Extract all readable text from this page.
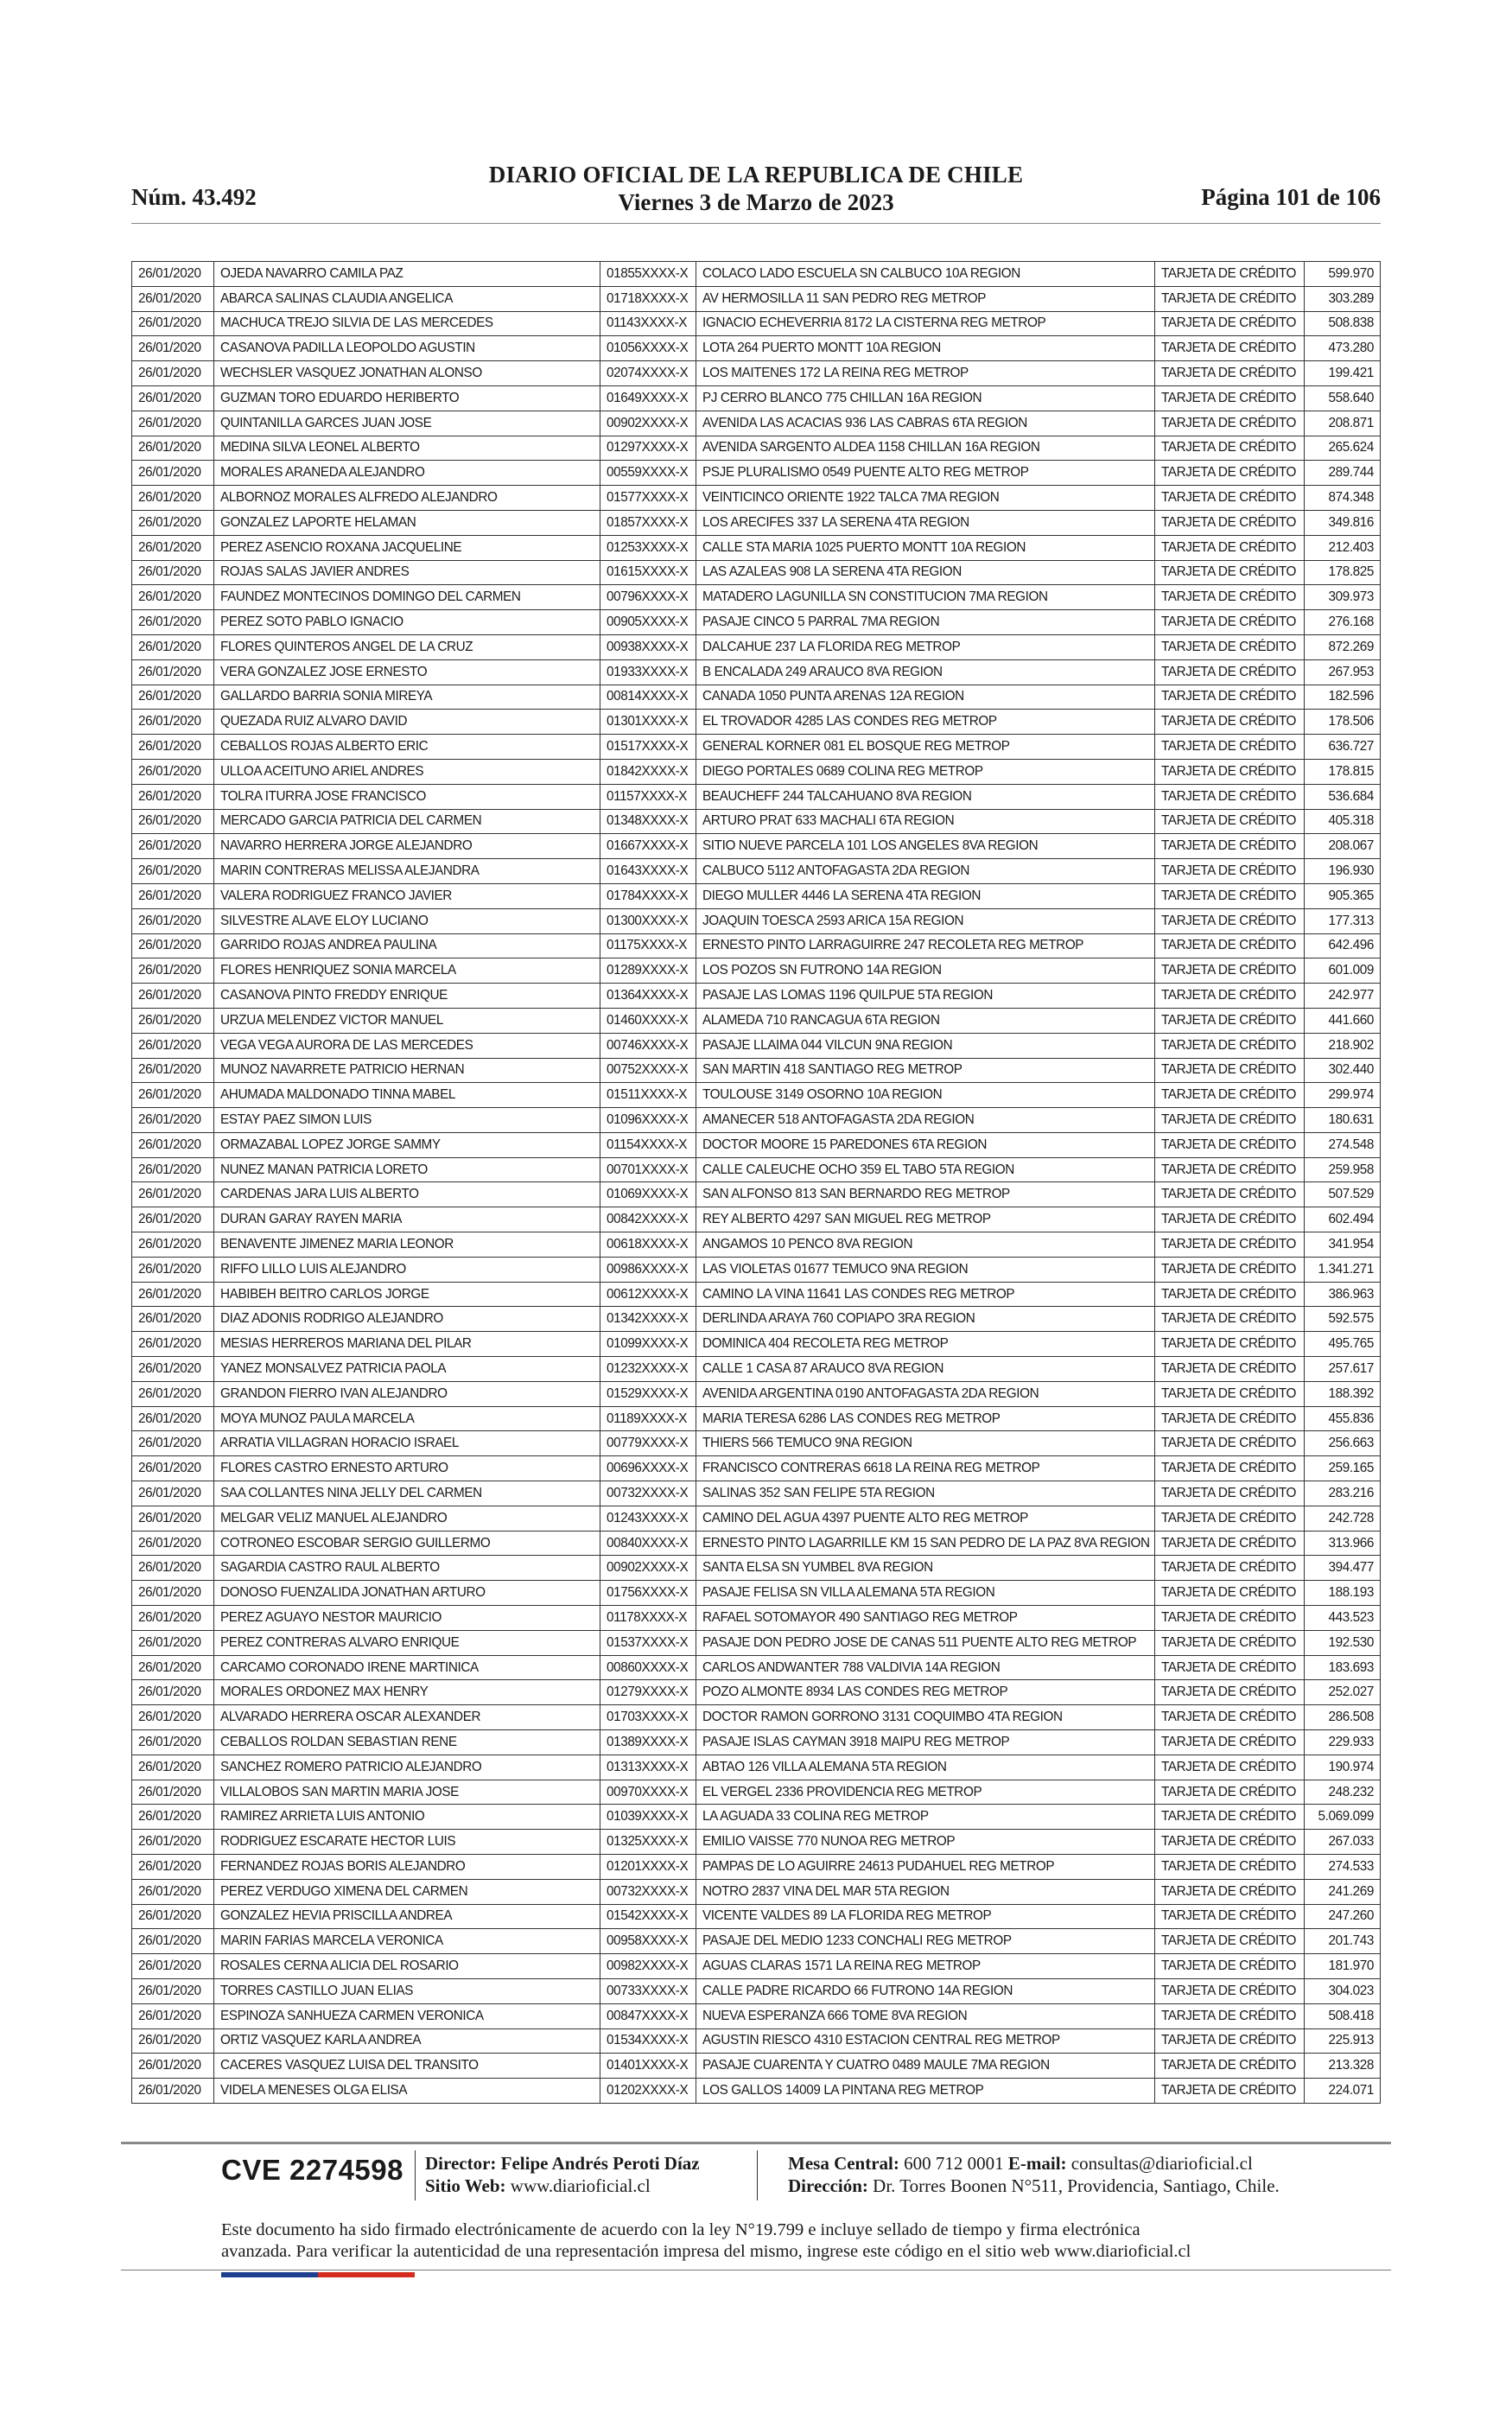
Núm. 43.492
DIARIO OFICIAL DE LA REPUBLICA DE CHILE
Viernes 3 de Marzo de 2023	Página 101 de 106
26/01/2020	OJEDA NAVARRO CAMILA PAZ	01855XXXX-X	COLACO LADO ESCUELA SN CALBUCO 10A REGION	TARJETA DE CRÉDITO	599.970
26/01/2020	ABARCA SALINAS CLAUDIA ANGELICA	01718XXXX-X	AV HERMOSILLA 11 SAN PEDRO REG METROP	TARJETA DE CRÉDITO	303.289
26/01/2020	MACHUCA TREJO SILVIA DE LAS MERCEDES	01143XXXX-X	IGNACIO ECHEVERRIA 8172 LA CISTERNA REG METROP	TARJETA DE CRÉDITO	508.838
26/01/2020	CASANOVA PADILLA LEOPOLDO AGUSTIN	01056XXXX-X	LOTA 264 PUERTO MONTT 10A REGION	TARJETA DE CRÉDITO	473.280
26/01/2020	WECHSLER VASQUEZ JONATHAN ALONSO	02074XXXX-X	LOS MAITENES 172 LA REINA REG METROP	TARJETA DE CRÉDITO	199.421
26/01/2020	GUZMAN TORO EDUARDO HERIBERTO	01649XXXX-X	PJ CERRO BLANCO 775 CHILLAN 16A REGION	TARJETA DE CRÉDITO	558.640
26/01/2020	QUINTANILLA GARCES JUAN JOSE	00902XXXX-X	AVENIDA LAS ACACIAS 936 LAS CABRAS 6TA REGION	TARJETA DE CRÉDITO	208.871
26/01/2020	MEDINA SILVA LEONEL ALBERTO	01297XXXX-X	AVENIDA SARGENTO ALDEA 1158 CHILLAN 16A REGION	TARJETA DE CRÉDITO	265.624
26/01/2020	MORALES ARANEDA ALEJANDRO	00559XXXX-X	PSJE PLURALISMO 0549 PUENTE ALTO REG METROP	TARJETA DE CRÉDITO	289.744
26/01/2020	ALBORNOZ MORALES ALFREDO ALEJANDRO	01577XXXX-X	VEINTICINCO ORIENTE 1922 TALCA 7MA REGION	TARJETA DE CRÉDITO	874.348
26/01/2020	GONZALEZ LAPORTE HELAMAN	01857XXXX-X	LOS ARECIFES 337 LA SERENA 4TA REGION	TARJETA DE CRÉDITO	349.816
26/01/2020	PEREZ ASENCIO ROXANA JACQUELINE	01253XXXX-X	CALLE STA MARIA 1025 PUERTO MONTT 10A REGION	TARJETA DE CRÉDITO	212.403
26/01/2020	ROJAS SALAS JAVIER ANDRES	01615XXXX-X	LAS AZALEAS 908 LA SERENA 4TA REGION	TARJETA DE CRÉDITO	178.825
26/01/2020	FAUNDEZ MONTECINOS DOMINGO DEL CARMEN	00796XXXX-X	MATADERO LAGUNILLA SN CONSTITUCION 7MA REGION	TARJETA DE CRÉDITO	309.973
26/01/2020	PEREZ SOTO PABLO IGNACIO	00905XXXX-X	PASAJE CINCO 5 PARRAL 7MA REGION	TARJETA DE CRÉDITO	276.168
26/01/2020	FLORES QUINTEROS ANGEL DE LA CRUZ	00938XXXX-X	DALCAHUE 237 LA FLORIDA REG METROP	TARJETA DE CRÉDITO	872.269
26/01/2020	VERA GONZALEZ JOSE ERNESTO	01933XXXX-X	B ENCALADA 249 ARAUCO 8VA REGION	TARJETA DE CRÉDITO	267.953
26/01/2020	GALLARDO BARRIA SONIA MIREYA	00814XXXX-X	CANADA 1050 PUNTA ARENAS 12A REGION	TARJETA DE CRÉDITO	182.596
26/01/2020	QUEZADA RUIZ ALVARO DAVID	01301XXXX-X	EL TROVADOR 4285 LAS CONDES REG METROP	TARJETA DE CRÉDITO	178.506
26/01/2020	CEBALLOS ROJAS ALBERTO ERIC	01517XXXX-X	GENERAL KORNER 081 EL BOSQUE REG METROP	TARJETA DE CRÉDITO	636.727
26/01/2020	ULLOA ACEITUNO ARIEL ANDRES	01842XXXX-X	DIEGO PORTALES 0689 COLINA REG METROP	TARJETA DE CRÉDITO	178.815
26/01/2020	TOLRA ITURRA JOSE FRANCISCO	01157XXXX-X	BEAUCHEFF 244 TALCAHUANO 8VA REGION	TARJETA DE CRÉDITO	536.684
26/01/2020	MERCADO GARCIA PATRICIA DEL CARMEN	01348XXXX-X	ARTURO PRAT 633 MACHALI 6TA REGION	TARJETA DE CRÉDITO	405.318
26/01/2020	NAVARRO HERRERA JORGE ALEJANDRO	01667XXXX-X	SITIO NUEVE PARCELA 101 LOS ANGELES 8VA REGION	TARJETA DE CRÉDITO	208.067
26/01/2020	MARIN CONTRERAS MELISSA ALEJANDRA	01643XXXX-X	CALBUCO 5112 ANTOFAGASTA 2DA REGION	TARJETA DE CRÉDITO	196.930
26/01/2020	VALERA RODRIGUEZ FRANCO JAVIER	01784XXXX-X	DIEGO MULLER 4446 LA SERENA 4TA REGION	TARJETA DE CRÉDITO	905.365
26/01/2020	SILVESTRE ALAVE ELOY LUCIANO	01300XXXX-X	JOAQUIN TOESCA 2593 ARICA 15A REGION	TARJETA DE CRÉDITO	177.313
26/01/2020	GARRIDO ROJAS ANDREA PAULINA	01175XXXX-X	ERNESTO PINTO LARRAGUIRRE 247 RECOLETA REG METROP	TARJETA DE CRÉDITO	642.496
26/01/2020	FLORES HENRIQUEZ SONIA MARCELA	01289XXXX-X	LOS POZOS SN FUTRONO 14A REGION	TARJETA DE CRÉDITO	601.009
26/01/2020	CASANOVA PINTO FREDDY ENRIQUE	01364XXXX-X	PASAJE LAS LOMAS 1196 QUILPUE 5TA REGION	TARJETA DE CRÉDITO	242.977
26/01/2020	URZUA MELENDEZ VICTOR MANUEL	01460XXXX-X	ALAMEDA 710 RANCAGUA 6TA REGION	TARJETA DE CRÉDITO	441.660
26/01/2020	VEGA VEGA AURORA DE LAS MERCEDES	00746XXXX-X	PASAJE LLAIMA 044 VILCUN 9NA REGION	TARJETA DE CRÉDITO	218.902
26/01/2020	MUNOZ NAVARRETE PATRICIO HERNAN	00752XXXX-X	SAN MARTIN 418 SANTIAGO REG METROP	TARJETA DE CRÉDITO	302.440
26/01/2020	AHUMADA MALDONADO TINNA MABEL	01511XXXX-X	TOULOUSE 3149 OSORNO 10A REGION	TARJETA DE CRÉDITO	299.974
26/01/2020	ESTAY PAEZ SIMON LUIS	01096XXXX-X	AMANECER 518 ANTOFAGASTA 2DA REGION	TARJETA DE CRÉDITO	180.631
26/01/2020	ORMAZABAL LOPEZ JORGE SAMMY	01154XXXX-X	DOCTOR MOORE 15 PAREDONES 6TA REGION	TARJETA DE CRÉDITO	274.548
26/01/2020	NUNEZ MANAN PATRICIA LORETO	00701XXXX-X	CALLE CALEUCHE OCHO 359 EL TABO 5TA REGION	TARJETA DE CRÉDITO	259.958
26/01/2020	CARDENAS JARA LUIS ALBERTO	01069XXXX-X	SAN ALFONSO 813 SAN BERNARDO REG METROP	TARJETA DE CRÉDITO	507.529
26/01/2020	DURAN GARAY RAYEN MARIA	00842XXXX-X	REY ALBERTO 4297 SAN MIGUEL REG METROP	TARJETA DE CRÉDITO	602.494
26/01/2020	BENAVENTE JIMENEZ MARIA LEONOR	00618XXXX-X	ANGAMOS 10 PENCO 8VA REGION	TARJETA DE CRÉDITO	341.954
26/01/2020	RIFFO LILLO LUIS ALEJANDRO	00986XXXX-X	LAS VIOLETAS 01677 TEMUCO 9NA REGION	TARJETA DE CRÉDITO	1.341.271
26/01/2020	HABIBEH BEITRO CARLOS JORGE	00612XXXX-X	CAMINO LA VINA 11641 LAS CONDES REG METROP	TARJETA DE CRÉDITO	386.963
26/01/2020	DIAZ ADONIS RODRIGO ALEJANDRO	01342XXXX-X	DERLINDA ARAYA 760 COPIAPO 3RA REGION	TARJETA DE CRÉDITO	592.575
26/01/2020	MESIAS HERREROS MARIANA DEL PILAR	01099XXXX-X	DOMINICA 404 RECOLETA REG METROP	TARJETA DE CRÉDITO	495.765
26/01/2020	YANEZ MONSALVEZ PATRICIA PAOLA	01232XXXX-X	CALLE 1 CASA 87 ARAUCO 8VA REGION	TARJETA DE CRÉDITO	257.617
26/01/2020	GRANDON FIERRO IVAN ALEJANDRO	01529XXXX-X	AVENIDA ARGENTINA 0190 ANTOFAGASTA 2DA REGION	TARJETA DE CRÉDITO	188.392
26/01/2020	MOYA MUNOZ PAULA MARCELA	01189XXXX-X	MARIA TERESA 6286 LAS CONDES REG METROP	TARJETA DE CRÉDITO	455.836
26/01/2020	ARRATIA VILLAGRAN HORACIO ISRAEL	00779XXXX-X	THIERS 566 TEMUCO 9NA REGION	TARJETA DE CRÉDITO	256.663
26/01/2020	FLORES CASTRO ERNESTO ARTURO	00696XXXX-X	FRANCISCO CONTRERAS 6618 LA REINA REG METROP	TARJETA DE CRÉDITO	259.165
26/01/2020	SAA COLLANTES NINA JELLY DEL CARMEN	00732XXXX-X	SALINAS 352 SAN FELIPE 5TA REGION	TARJETA DE CRÉDITO	283.216
26/01/2020	MELGAR VELIZ MANUEL ALEJANDRO	01243XXXX-X	CAMINO DEL AGUA 4397 PUENTE ALTO REG METROP	TARJETA DE CRÉDITO	242.728
26/01/2020	COTRONEO ESCOBAR SERGIO GUILLERMO	00840XXXX-X	ERNESTO PINTO LAGARRILLE KM 15 SAN PEDRO DE LA PAZ 8VA REGION	TARJETA DE CRÉDITO	313.966
26/01/2020	SAGARDIA CASTRO RAUL ALBERTO	00902XXXX-X	SANTA ELSA SN YUMBEL 8VA REGION	TARJETA DE CRÉDITO	394.477
26/01/2020	DONOSO FUENZALIDA JONATHAN ARTURO	01756XXXX-X	PASAJE FELISA SN VILLA ALEMANA 5TA REGION	TARJETA DE CRÉDITO	188.193
26/01/2020	PEREZ AGUAYO NESTOR MAURICIO	01178XXXX-X	RAFAEL SOTOMAYOR 490 SANTIAGO REG METROP	TARJETA DE CRÉDITO	443.523
26/01/2020	PEREZ CONTRERAS ALVARO ENRIQUE	01537XXXX-X	PASAJE DON PEDRO JOSE DE CANAS 511 PUENTE ALTO REG METROP	TARJETA DE CRÉDITO	192.530
26/01/2020	CARCAMO CORONADO IRENE MARTINICA	00860XXXX-X	CARLOS ANDWANTER 788 VALDIVIA 14A REGION	TARJETA DE CRÉDITO	183.693
26/01/2020	MORALES ORDONEZ MAX HENRY	01279XXXX-X	POZO ALMONTE 8934 LAS CONDES REG METROP	TARJETA DE CRÉDITO	252.027
26/01/2020	ALVARADO HERRERA OSCAR ALEXANDER	01703XXXX-X	DOCTOR RAMON GORRONO 3131 COQUIMBO 4TA REGION	TARJETA DE CRÉDITO	286.508
26/01/2020	CEBALLOS ROLDAN SEBASTIAN RENE	01389XXXX-X	PASAJE ISLAS CAYMAN 3918 MAIPU REG METROP	TARJETA DE CRÉDITO	229.933
26/01/2020	SANCHEZ ROMERO PATRICIO ALEJANDRO	01313XXXX-X	ABTAO 126 VILLA ALEMANA 5TA REGION	TARJETA DE CRÉDITO	190.974
26/01/2020	VILLALOBOS SAN MARTIN MARIA JOSE	00970XXXX-X	EL VERGEL 2336 PROVIDENCIA REG METROP	TARJETA DE CRÉDITO	248.232
26/01/2020	RAMIREZ ARRIETA LUIS ANTONIO	01039XXXX-X	LA AGUADA 33 COLINA REG METROP	TARJETA DE CRÉDITO	5.069.099
26/01/2020	RODRIGUEZ ESCARATE HECTOR LUIS	01325XXXX-X	EMILIO VAISSE 770 NUNOA REG METROP	TARJETA DE CRÉDITO	267.033
26/01/2020	FERNANDEZ ROJAS BORIS ALEJANDRO	01201XXXX-X	PAMPAS DE LO AGUIRRE 24613 PUDAHUEL REG METROP	TARJETA DE CRÉDITO	274.533
26/01/2020	PEREZ VERDUGO XIMENA DEL CARMEN	00732XXXX-X	NOTRO 2837 VINA DEL MAR 5TA REGION	TARJETA DE CRÉDITO	241.269
26/01/2020	GONZALEZ HEVIA PRISCILLA ANDREA	01542XXXX-X	VICENTE VALDES 89 LA FLORIDA REG METROP	TARJETA DE CRÉDITO	247.260
26/01/2020	MARIN FARIAS MARCELA VERONICA	00958XXXX-X	PASAJE DEL MEDIO 1233 CONCHALI REG METROP	TARJETA DE CRÉDITO	201.743
26/01/2020	ROSALES CERNA ALICIA DEL ROSARIO	00982XXXX-X	AGUAS CLARAS 1571 LA REINA REG METROP	TARJETA DE CRÉDITO	181.970
26/01/2020	TORRES CASTILLO JUAN ELIAS	00733XXXX-X	CALLE PADRE RICARDO 66 FUTRONO 14A REGION	TARJETA DE CRÉDITO	304.023
26/01/2020	ESPINOZA SANHUEZA CARMEN VERONICA	00847XXXX-X	NUEVA ESPERANZA 666 TOME 8VA REGION	TARJETA DE CRÉDITO	508.418
26/01/2020	ORTIZ VASQUEZ KARLA ANDREA	01534XXXX-X	AGUSTIN RIESCO 4310 ESTACION CENTRAL REG METROP	TARJETA DE CRÉDITO	225.913
26/01/2020	CACERES VASQUEZ LUISA DEL TRANSITO	01401XXXX-X	PASAJE CUARENTA Y CUATRO 0489 MAULE 7MA REGION	TARJETA DE CRÉDITO	213.328
26/01/2020	VIDELA MENESES OLGA ELISA	01202XXXX-X	LOS GALLOS 14009 LA PINTANA REG METROP	TARJETA DE CRÉDITO	224.071
CVE 2274598 Director: Felipe Andrés Peroti Díaz
Sitio Web: www.diarioficial.cl
Mesa Central: 600 712 0001 E-mail: consultas@diarioficial.cl
Dirección: Dr. Torres Boonen N°511, Providencia, Santiago, Chile.
Este documento ha sido firmado electrónicamente de acuerdo con la ley N°19.799 e incluye sellado de tiempo y firma electrónica
avanzada. Para verificar la autenticidad de una representación impresa del mismo, ingrese este código en el sitio web www.diarioficial.cl
